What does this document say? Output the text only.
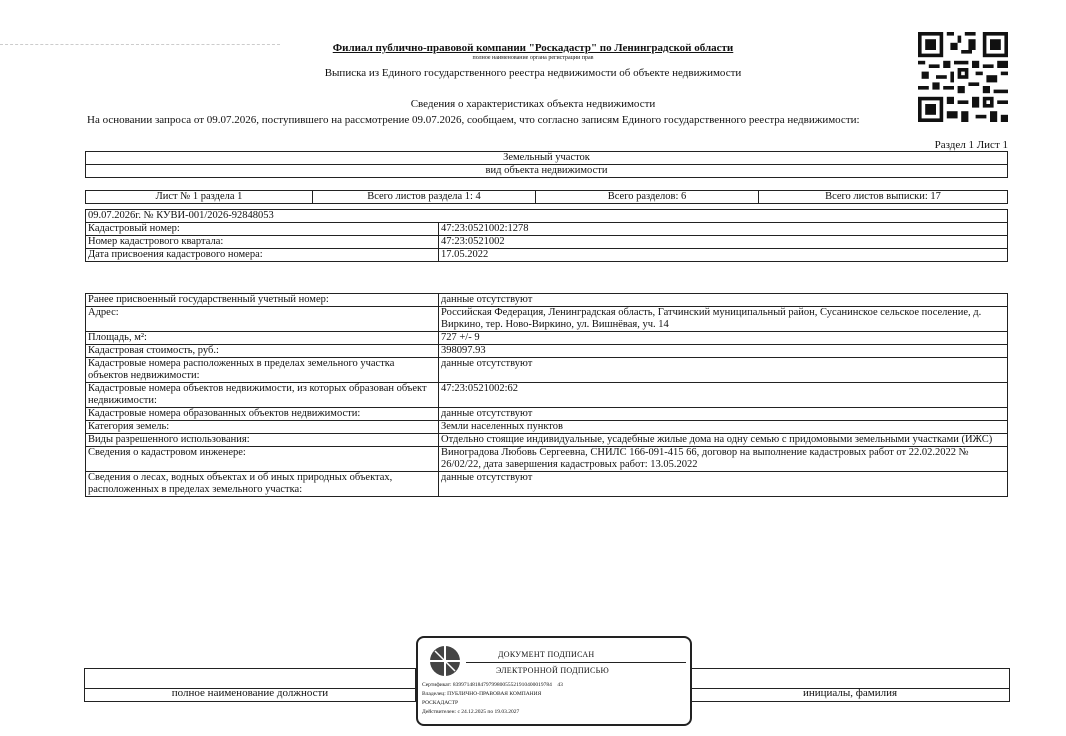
Филиал публично-правовой компании "Роскадастр" по Ленинградской области
полное наименование органа регистрации прав
Выписка из Единого государственного реестра недвижимости об объекте недвижимости
Сведения о характеристиках объекта недвижимости
На основании запроса от 09.07.2026, поступившего на рассмотрение 09.07.2026, сообщаем, что согласно записям Единого государственного реестра недвижимости:
Раздел 1 Лист 1
Земельный участок
вид объекта недвижимости
Лист № 1 раздела 1	Всего листов раздела 1: 4	Всего разделов: 6	Всего листов выписки: 17
09.07.2026г. № КУВИ-001/2026-92848053	
Кадастровый номер:	47:23:0521002:1278
Номер кадастрового квартала:	47:23:0521002
Дата присвоения кадастрового номера:	17.05.2022
Ранее присвоенный государственный учетный номер:	данные отсутствуют
Адрес:	Российская Федерация, Ленинградская область, Гатчинский муниципальный район, Сусанинское сельское поселение, д. Виркино, тер. Ново-Виркино, ул. Вишнёвая, уч. 14
Площадь, м²:	727 +/- 9
Кадастровая стоимость, руб.:	398097.93
Кадастровые номера расположенных в пределах земельного участка объектов недвижимости:	данные отсутствуют
Кадастровые номера объектов недвижимости, из которых образован объект недвижимости:	47:23:0521002:62
Кадастровые номера образованных объектов недвижимости:	данные отсутствуют
Категория земель:	Земли населенных пунктов
Виды разрешенного использования:	Отдельно стоящие индивидуальные, усадебные жилые дома на одну семью с придомовыми земельными участками (ИЖС)
Сведения о кадастровом инженере:	Виноградова Любовь Сергеевна, СНИЛС 166-091-415 66, договор на выполнение кадастровых работ от 22.02.2022 № 26/02/22, дата завершения кадастровых работ: 13.05.2022
Сведения о лесах, водных объектах и об иных природных объектах, расположенных в пределах земельного участка:	данные отсутствуют
полное наименование должности	инициалы, фамилия
ДОКУМЕНТ ПОДПИСАН
ЭЛЕКТРОННОЙ ПОДПИСЬЮ
Сертификат: 839971481847979980055521910400019784 43
Владелец: ПУБЛИЧНО-ПРАВОВАЯ КОМПАНИЯ
РОСКАДАСТР
Действителен: с 24.12.2025 по 19.03.2027
